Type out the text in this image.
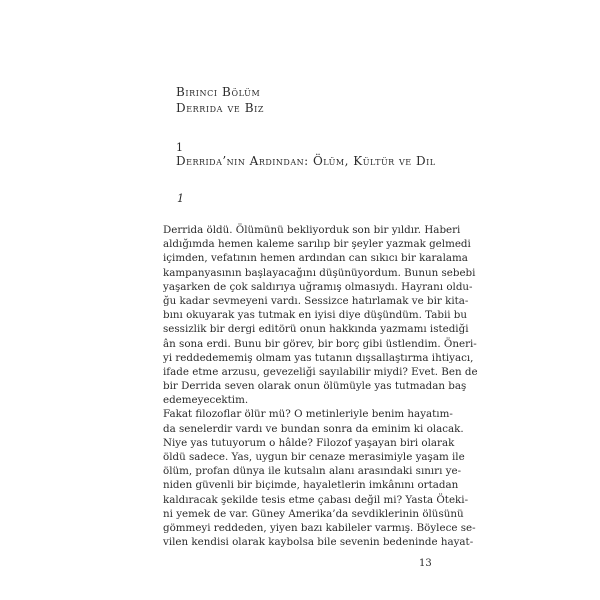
Birinci Bölüm
Derrida ve Biz
1
Derrida’nın Ardından: Ölüm, Kültür ve Dil
1
Derrida öldü. Ölümünü bekliyorduk son bir yıldır. Haberi
aldığımda hemen kaleme sarılıp bir şeyler yazmak gelmedi
içimden, vefatının hemen ardından can sıkıcı bir karalama
kampanyasının başlayacağını düşünüyordum. Bunun sebebi
yaşarken de çok saldırıya uğramış olmasıydı. Hayranı oldu-
ğu kadar sevmeyeni vardı. Sessizce hatırlamak ve bir kita-
bını okuyarak yas tutmak en iyisi diye düşündüm. Tabii bu
sessizlik bir dergi editörü onun hakkında yazmamı istediği
ân sona erdi. Bunu bir görev, bir borç gibi üstlendim. Öneri-
yi reddedememiş olmam yas tutanın dışsallaştırma ihtiyacı,
ifade etme arzusu, gevezeliği sayılabilir miydi? Evet. Ben de
bir Derrida seven olarak onun ölümüyle yas tutmadan baş
edemeyecektim.
Fakat filozoflar ölür mü? O metinleriyle benim hayatım-
da senelerdir vardı ve bundan sonra da eminim ki olacak.
Niye yas tutuyorum o hâlde? Filozof yaşayan biri olarak
öldü sadece. Yas, uygun bir cenaze merasimiyle yaşam ile
ölüm, profan dünya ile kutsalın alanı arasındaki sınırı ye-
niden güvenli bir biçimde, hayaletlerin imkânını ortadan
kaldıracak şekilde tesis etme çabası değil mi? Yasta Öteki-
ni yemek de var. Güney Amerika’da sevdiklerinin ölüsünü
gömmeyi reddeden, yiyen bazı kabileler varmış. Böylece se-
vilen kendisi olarak kaybolsa bile sevenin bedeninde hayat-
13
